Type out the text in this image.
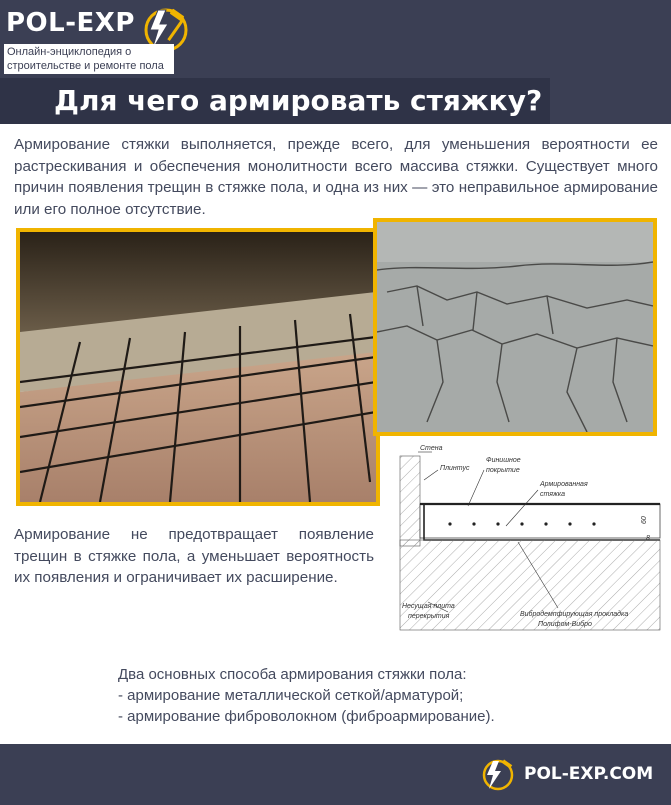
POL-EXP
Онлайн-энциклопедия о строительстве и ремонте пола
Для чего армировать стяжку?
Армирование стяжки выполняется, прежде всего, для уменьшения вероятности ее растрескивания и обеспечения монолитности всего массива стяжки. Существует много причин появления трещин в стяжке пола, и одна из них — это неправильное армирование или его полное отсутствие.
Армирование не предотвращает появление трещин в стяжке пола, а уменьшает вероятность их появления и ограничивает их расширение.
Стена
Плинтус
Финишное
покрытие
Армированная
стяжка
Несущая плита
перекрытия	Вибродемпфирующая прокладка
Полифом-Вибро
60
8
Два основных способа армирования стяжки пола:
- армирование металлической сеткой/арматурой;
- армирование фиброволокном (фиброармирование).
POL-EXP.COM
